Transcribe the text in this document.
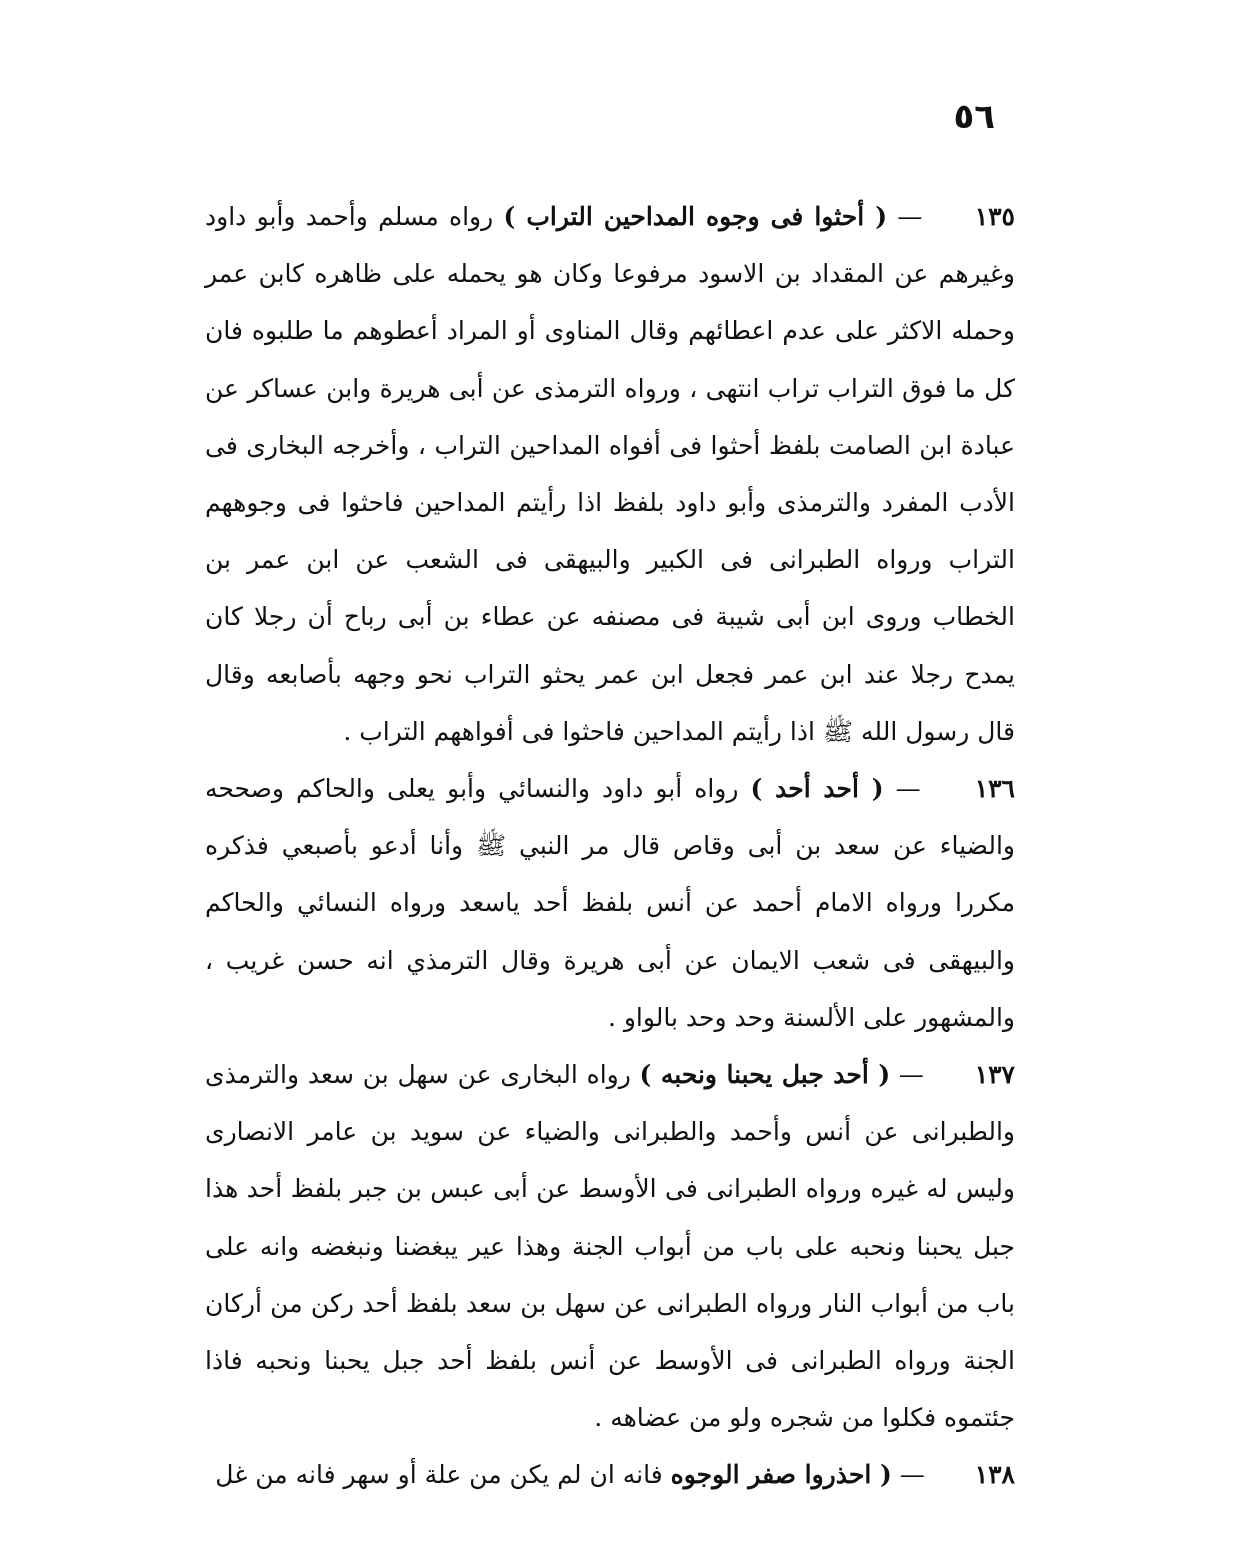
٥٦

١٣٥ — ( أحثوا فى وجوه المداحين التراب ) رواه مسلم وأحمد وأبو داود وغيرهم عن المقداد بن الاسود مرفوعا وكان هو يحمله على ظاهره كابن عمر وحمله الاكثر على عدم اعطائهم وقال المناوى أو المراد أعطوهم ما طلبوه فان كل ما فوق التراب تراب انتهى ، ورواه الترمذى عن أبى هريرة وابن عساكر عن عبادة ابن الصامت بلفظ أحثوا فى أفواه المداحين التراب ، وأخرجه البخارى فى الأدب المفرد والترمذى وأبو داود بلفظ اذا رأيتم المداحين فاحثوا فى وجوههم التراب ورواه الطبرانى فى الكبير والبيهقى فى الشعب عن ابن عمر بن الخطاب وروى ابن أبى شيبة فى مصنفه عن عطاء بن أبى رباح أن رجلا كان يمدح رجلا عند ابن عمر فجعل ابن عمر يحثو التراب نحو وجهه بأصابعه وقال قال رسول الله ﷺ اذا رأيتم المداحين فاحثوا فى أفواههم التراب .

١٣٦ — ( أحد أحد ) رواه أبو داود والنسائي وأبو يعلى والحاكم وصححه والضياء عن سعد بن أبى وقاص قال مر النبي ﷺ وأنا أدعو بأصبعي فذكره مكررا ورواه الامام أحمد عن أنس بلفظ أحد ياسعد ورواه النسائي والحاكم والبيهقى فى شعب الايمان عن أبى هريرة وقال الترمذي انه حسن غريب ، والمشهور على الألسنة وحد وحد بالواو .

١٣٧ — ( أحد جبل يحبنا ونحبه ) رواه البخارى عن سهل بن سعد والترمذى والطبرانى عن أنس وأحمد والطبرانى والضياء عن سويد بن عامر الانصارى وليس له غيره ورواه الطبرانى فى الأوسط عن أبى عبس بن جبر بلفظ أحد هذا جبل يحبنا ونحبه على باب من أبواب الجنة وهذا عير يبغضنا ونبغضه وانه على باب من أبواب النار ورواه الطبرانى عن سهل بن سعد بلفظ أحد ركن من أركان الجنة ورواه الطبرانى فى الأوسط عن أنس بلفظ أحد جبل يحبنا ونحبه فاذا جئتموه فكلوا من شجره ولو من عضاهه .

١٣٨ — ( احذروا صفر الوجوه فانه ان لم يكن من علة أو سهر فانه من غل
